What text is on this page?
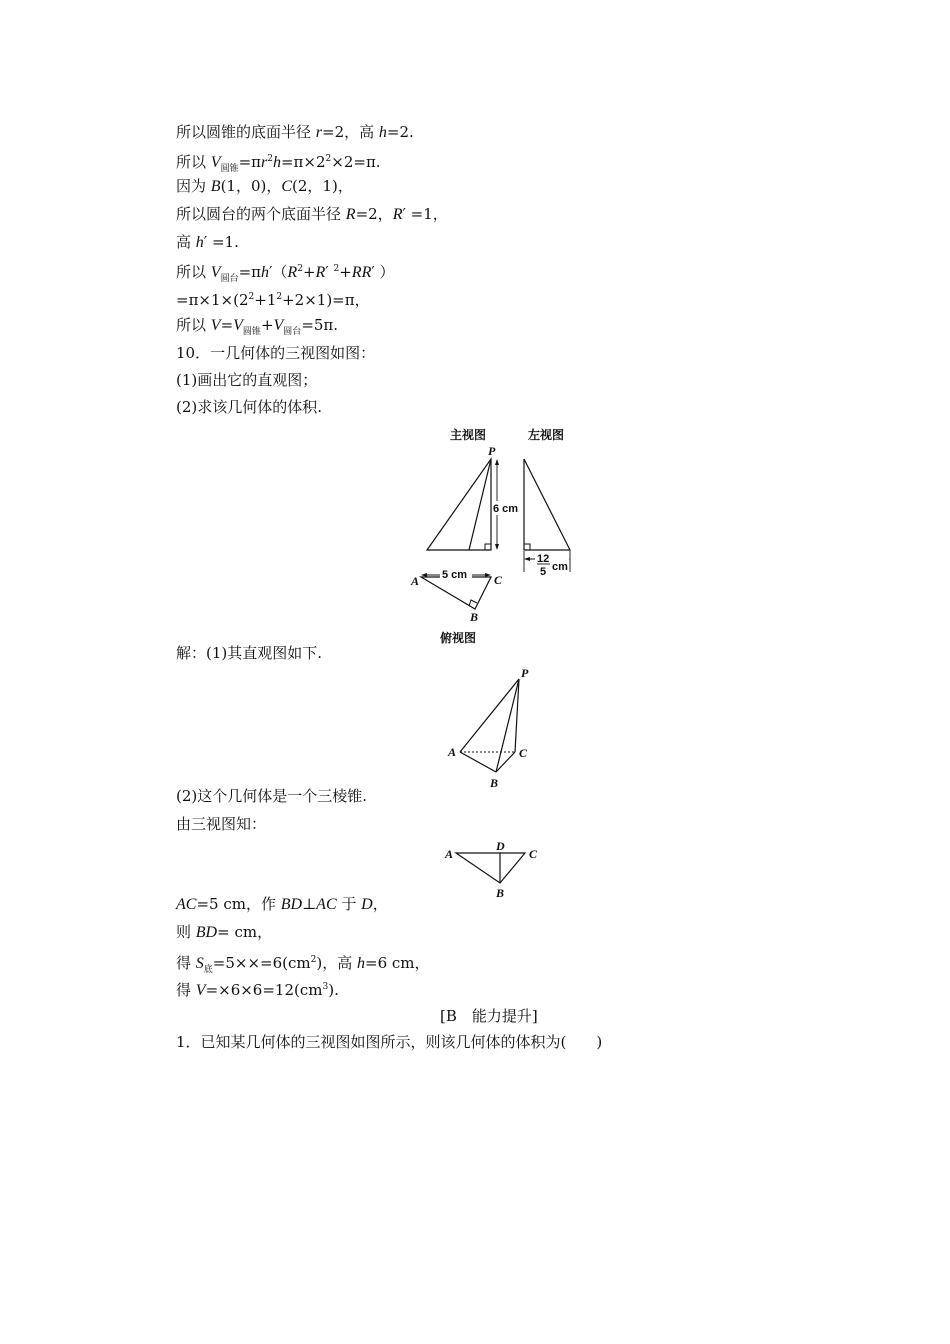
所以圆锥的底面半径 r=2，高 h=2.
所以 $V_{圆锥}=\pi r^2h=\pi\times 2^2\times 2=\pi$.
因为 B(1，0)，C(2，1)，
所以圆台的两个底面半径 R=2，R′ =1，
高 h′ =1.
所以 $V_{圆台}=\pi h'(R^2+R'$ $^2$+RR′ ）
$=\pi\times 1\times(2^2+1^2+2\times 1)=\pi$，
所以 $V=V_{圆锥}+V_{圆台}=5\pi$.
10．一几何体的三视图如图：
(1)画出它的直观图；
(2)求该几何体的体积.
主视图	左视图
P
6 cm
12
5 cm
5 cm
A	C
B
俯视图
解：(1)其直观图如下.
P
A	C
B
(2)这个几何体是一个三棱锥.
由三视图知：
A	C
D
B
AC=5 cm，作 BD⊥AC 于 D，
则 BD= cm，
得 $S_底=5\times\times=6(cm^2)$，高 h=6 cm，
得 $V=\times 6\times 6=12(cm^3)$.
[B　能力提升]
1．已知某几何体的三视图如图所示，则该几何体的体积为(　　)
